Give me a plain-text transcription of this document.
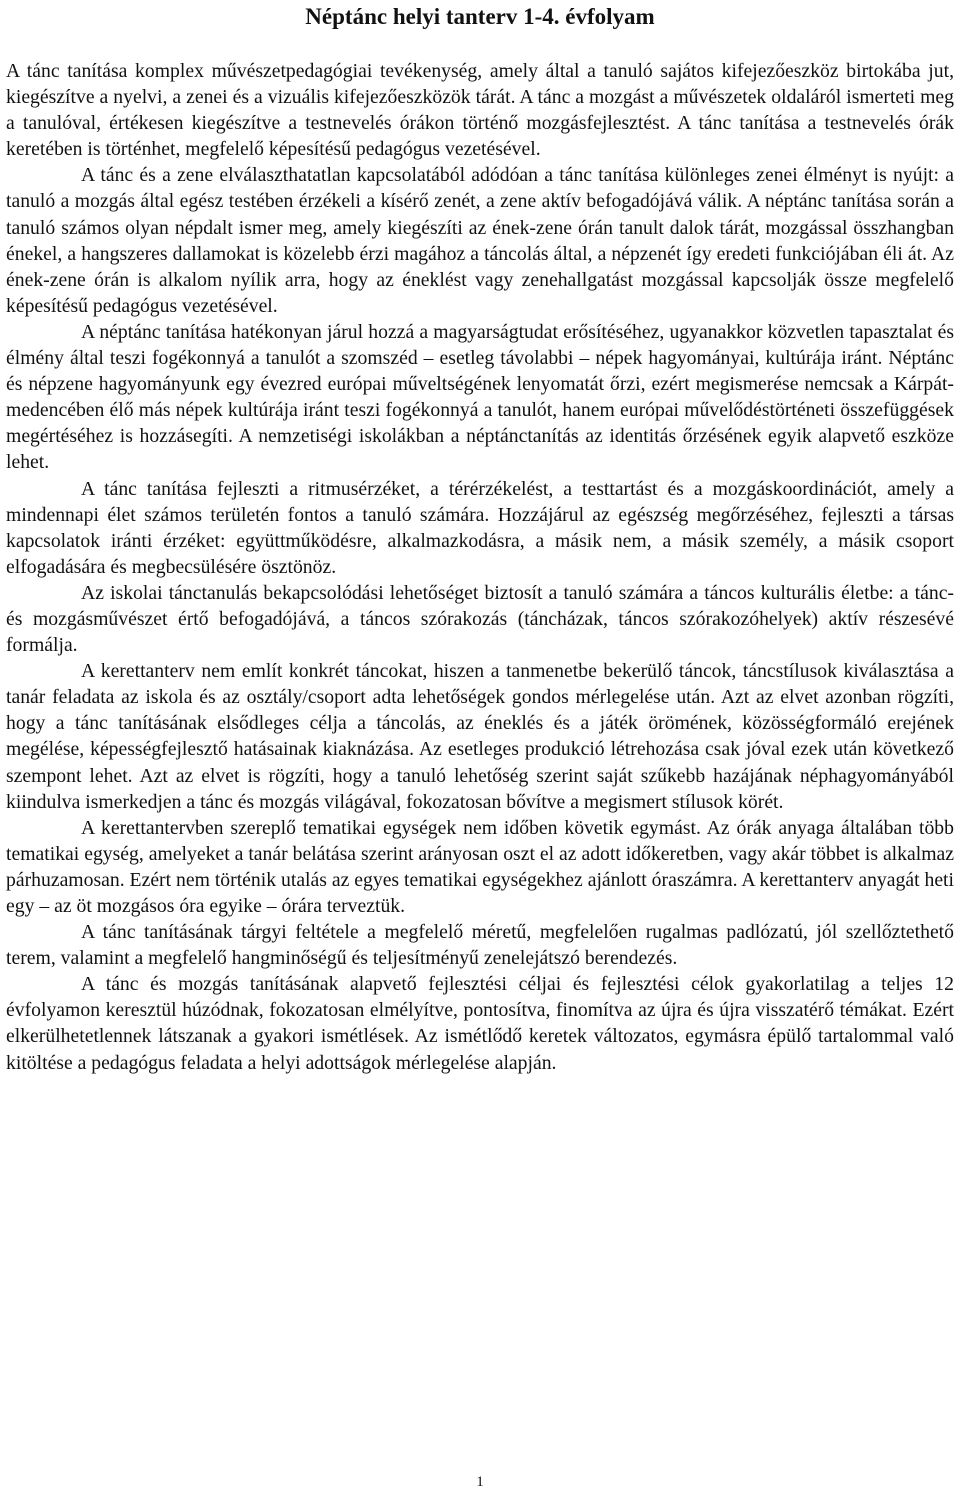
Néptánc helyi tanterv 1-4. évfolyam

A tánc tanítása komplex művészetpedagógiai tevékenység, amely által a tanuló sajátos kifejezőeszköz birtokába jut, kiegészítve a nyelvi, a zenei és a vizuális kifejezőeszközök tárát. A tánc a mozgást a művészetek oldaláról ismerteti meg a tanulóval, értékesen kiegészítve a testnevelés órákon történő mozgásfejlesztést. A tánc tanítása a testnevelés órák keretében is történhet, megfelelő képesítésű pedagógus vezetésével.

A tánc és a zene elválaszthatatlan kapcsolatából adódóan a tánc tanítása különleges zenei élményt is nyújt: a tanuló a mozgás által egész testében érzékeli a kísérő zenét, a zene aktív befogadójává válik. A néptánc tanítása során a tanuló számos olyan népdalt ismer meg, amely kiegészíti az ének-zene órán tanult dalok tárát, mozgással összhangban énekel, a hangszeres dallamokat is közelebb érzi magához a táncolás által, a népzenét így eredeti funkciójában éli át. Az ének-zene órán is alkalom nyílik arra, hogy az éneklést vagy zenehallgatást mozgással kapcsolják össze megfelelő képesítésű pedagógus vezetésével.

A néptánc tanítása hatékonyan járul hozzá a magyarságtudat erősítéséhez, ugyanakkor közvetlen tapasztalat és élmény által teszi fogékonnyá a tanulót a szomszéd – esetleg távolabbi – népek hagyományai, kultúrája iránt. Néptánc és népzene hagyományunk egy évezred európai műveltségének lenyomatát őrzi, ezért megismerése nemcsak a Kárpát-medencében élő más népek kultúrája iránt teszi fogékonnyá a tanulót, hanem európai művelődéstörténeti összefüggések megértéséhez is hozzásegíti. A nemzetiségi iskolákban a néptánctanítás az identitás őrzésének egyik alapvető eszköze lehet.

A tánc tanítása fejleszti a ritmusérzéket, a térérzékelést, a testtartást és a mozgáskoordinációt, amely a mindennapi élet számos területén fontos a tanuló számára. Hozzájárul az egészség megőrzéséhez, fejleszti a társas kapcsolatok iránti érzéket: együttműködésre, alkalmazkodásra, a másik nem, a másik személy, a másik csoport elfogadására és megbecsülésére ösztönöz.

Az iskolai tánctanulás bekapcsolódási lehetőséget biztosít a tanuló számára a táncos kulturális életbe: a tánc- és mozgásművészet értő befogadójává, a táncos szórakozás (táncházak, táncos szórakozóhelyek) aktív részesévé formálja.

A kerettanterv nem említ konkrét táncokat, hiszen a tanmenetbe bekerülő táncok, táncstílusok kiválasztása a tanár feladata az iskola és az osztály/csoport adta lehetőségek gondos mérlegelése után. Azt az elvet azonban rögzíti, hogy a tánc tanításának elsődleges célja a táncolás, az éneklés és a játék örömének, közösségformáló erejének megélése, képességfejlesztő hatásainak kiaknázása. Az esetleges produkció létrehozása csak jóval ezek után következő szempont lehet. Azt az elvet is rögzíti, hogy a tanuló lehetőség szerint saját szűkebb hazájának néphagyományából kiindulva ismerkedjen a tánc és mozgás világával, fokozatosan bővítve a megismert stílusok körét.

A kerettantervben szereplő tematikai egységek nem időben követik egymást. Az órák anyaga általában több tematikai egység, amelyeket a tanár belátása szerint arányosan oszt el az adott időkeretben, vagy akár többet is alkalmaz párhuzamosan. Ezért nem történik utalás az egyes tematikai egységekhez ajánlott óraszámra. A kerettanterv anyagát heti egy – az öt mozgásos óra egyike – órára terveztük.

A tánc tanításának tárgyi feltétele a megfelelő méretű, megfelelően rugalmas padlózatú, jól szellőztethető terem, valamint a megfelelő hangminőségű és teljesítményű zenelejátszó berendezés.

A tánc és mozgás tanításának alapvető fejlesztési céljai és fejlesztési célok gyakorlatilag a teljes 12 évfolyamon keresztül húzódnak, fokozatosan elmélyítve, pontosítva, finomítva az újra és újra visszatérő témákat. Ezért elkerülhetetlennek látszanak a gyakori ismétlések. Az ismétlődő keretek változatos, egymásra épülő tartalommal való kitöltése a pedagógus feladata a helyi adottságok mérlegelése alapján.

1
